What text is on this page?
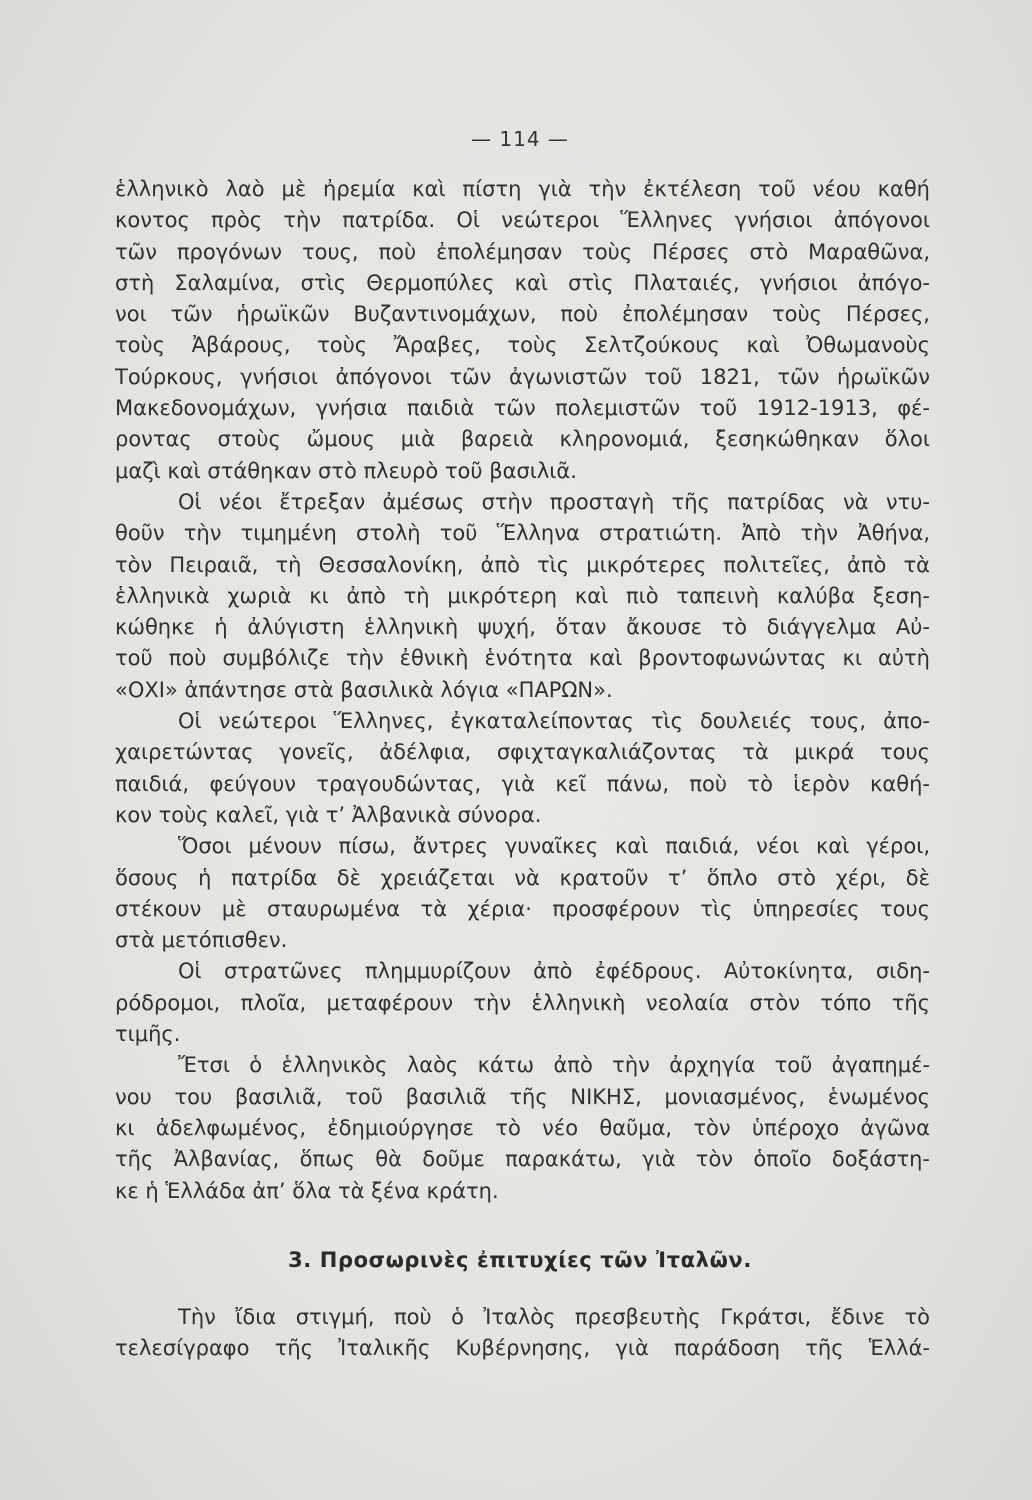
— 114 —
ἑλληνικὸ λαὸ μὲ ἠρεμία καὶ πίστη γιὰ τὴν ἐκτέλεση τοῦ νέου καθή
κοντος πρὸς τὴν πατρίδα. Οἱ νεώτεροι Ἕλληνες γνήσιοι ἀπόγονοι
τῶν προγόνων τους, ποὺ ἐπολέμησαν τοὺς Πέρσες στὸ Μαραθῶνα,
στὴ Σαλαμίνα, στὶς Θερμοπύλες καὶ στὶς Πλαταιές, γνήσιοι ἀπόγο-
νοι τῶν ἡρωϊκῶν Βυζαντινομάχων, ποὺ ἐπολέμησαν τοὺς Πέρσες,
τοὺς Ἀβάρους, τοὺς Ἄραβες, τοὺς Σελτζούκους καὶ Ὀθωμανοὺς
Τούρκους, γνήσιοι ἀπόγονοι τῶν ἀγωνιστῶν τοῦ 1821, τῶν ἡρωϊκῶν
Μακεδονομάχων, γνήσια παιδιὰ τῶν πολεμιστῶν τοῦ 1912-1913, φέ-
ροντας στοὺς ὤμους μιὰ βαρειὰ κληρονομιά, ξεσηκώθηκαν ὅλοι
μαζὶ καὶ στάθηκαν στὸ πλευρὸ τοῦ βασιλιᾶ.
Οἱ νέοι ἔτρεξαν ἀμέσως στὴν προσταγὴ τῆς πατρίδας νὰ ντυ-
θοῦν τὴν τιμημένη στολὴ τοῦ Ἕλληνα στρατιώτη. Ἀπὸ τὴν Ἀθήνα,
τὸν Πειραιᾶ, τὴ Θεσσαλονίκη, ἀπὸ τὶς μικρότερες πολιτεῖες, ἀπὸ τὰ
ἑλληνικὰ χωριὰ κι ἀπὸ τὴ μικρότερη καὶ πιὸ ταπεινὴ καλύβα ξεση-
κώθηκε ἡ ἀλύγιστη ἑλληνικὴ ψυχή, ὅταν ἄκουσε τὸ διάγγελμα Αὐ-
τοῦ ποὺ συμβόλιζε τὴν ἐθνικὴ ἑνότητα καὶ βροντοφωνώντας κι αὐτὴ
«ΟΧΙ» ἀπάντησε στὰ βασιλικὰ λόγια «ΠΑΡΩΝ».
Οἱ νεώτεροι Ἕλληνες, ἐγκαταλείποντας τὶς δουλειές τους, ἀπο-
χαιρετώντας γονεῖς, ἀδέλφια, σφιχταγκαλιάζοντας τὰ μικρά τους
παιδιά, φεύγουν τραγουδώντας, γιὰ κεῖ πάνω, ποὺ τὸ ἱερὸν καθή-
κον τοὺς καλεῖ, γιὰ τ’ Ἀλβανικὰ σύνορα.
Ὅσοι μένουν πίσω, ἄντρες γυναῖκες καὶ παιδιά, νέοι καὶ γέροι,
ὅσους ἡ πατρίδα δὲ χρειάζεται νὰ κρατοῦν τ’ ὅπλο στὸ χέρι, δὲ
στέκουν μὲ σταυρωμένα τὰ χέρια· προσφέρουν τὶς ὑπηρεσίες τους
στὰ μετόπισθεν.
Οἱ στρατῶνες πλημμυρίζουν ἀπὸ ἐφέδρους. Αὐτοκίνητα, σιδη-
ρόδρομοι, πλοῖα, μεταφέρουν τὴν ἑλληνικὴ νεολαία στὸν τόπο τῆς
τιμῆς.
Ἔτσι ὁ ἑλληνικὸς λαὸς κάτω ἀπὸ τὴν ἀρχηγία τοῦ ἀγαπημέ-
νου του βασιλιᾶ, τοῦ βασιλιᾶ τῆς ΝΙΚΗΣ, μονιασμένος, ἑνωμένος
κι ἀδελφωμένος, ἐδημιούργησε τὸ νέο θαῦμα, τὸν ὑπέροχο ἀγῶνα
τῆς Ἀλβανίας, ὅπως θὰ δοῦμε παρακάτω, γιὰ τὸν ὁποῖο δοξάστη-
κε ἡ Ἑλλάδα ἀπ’ ὅλα τὰ ξένα κράτη.
3. Προσωρινὲς ἐπιτυχίες τῶν Ἰταλῶν.
Τὴν ἴδια στιγμή, ποὺ ὁ Ἰταλὸς πρεσβευτὴς Γκράτσι, ἔδινε τὸ
τελεσίγραφο τῆς Ἰταλικῆς Κυβέρνησης, γιὰ παράδοση τῆς Ἑλλά-
